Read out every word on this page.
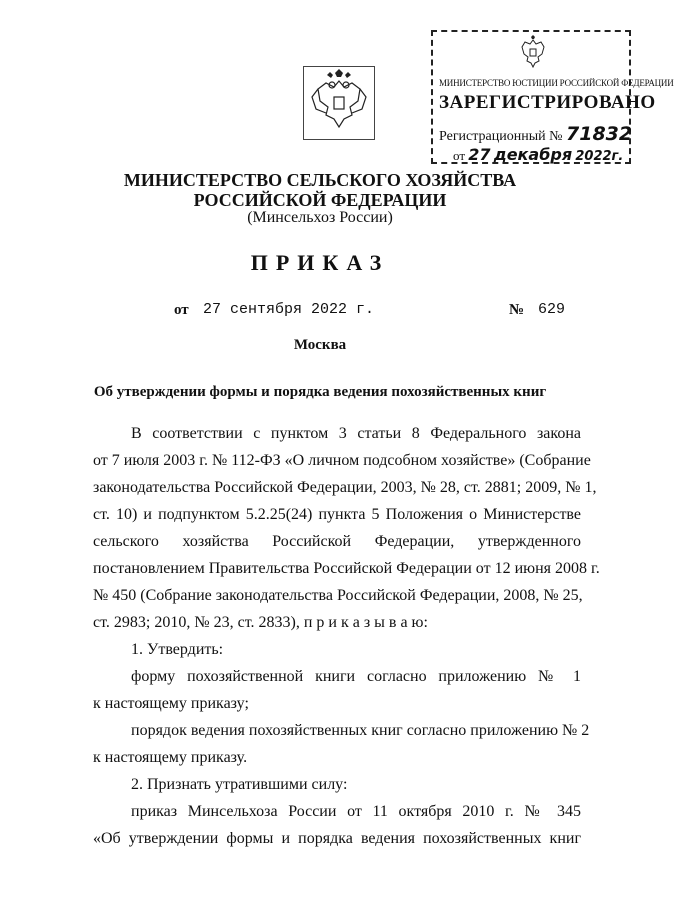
МИНИСТЕРСТВО ЮСТИЦИИ РОССИЙСКОЙ ФЕДЕРАЦИИ
ЗАРЕГИСТРИРОВАНО
Регистрационный № 71832
от 27 декабря 2022г.
МИНИСТЕРСТВО СЕЛЬСКОГО ХОЗЯЙСТВА
РОССИЙСКОЙ ФЕДЕРАЦИИ
(Минсельхоз России)
ПРИКАЗ
от 27 сентября 2022 г.	№ 629
Москва
Об утверждении формы и порядка ведения похозяйственных книг
В соответствии с пунктом 3 статьи 8 Федерального закона
от 7 июля 2003 г. № 112-ФЗ «О личном подсобном хозяйстве» (Собрание
законодательства Российской Федерации, 2003, № 28, ст. 2881; 2009, № 1,
ст. 10) и подпунктом 5.2.25(24) пункта 5 Положения о Министерстве
сельского хозяйства Российской Федерации, утвержденного
постановлением Правительства Российской Федерации от 12 июня 2008 г.
№ 450 (Собрание законодательства Российской Федерации, 2008, № 25,
ст. 2983; 2010, № 23, ст. 2833), п р и к а з ы в а ю:
1. Утвердить:
форму похозяйственной книги согласно приложению № 1
к настоящему приказу;
порядок ведения похозяйственных книг согласно приложению № 2
к настоящему приказу.
2. Признать утратившими силу:
приказ Минсельхоза России от 11 октября 2010 г. № 345
«Об утверждении формы и порядка ведения похозяйственных книг
